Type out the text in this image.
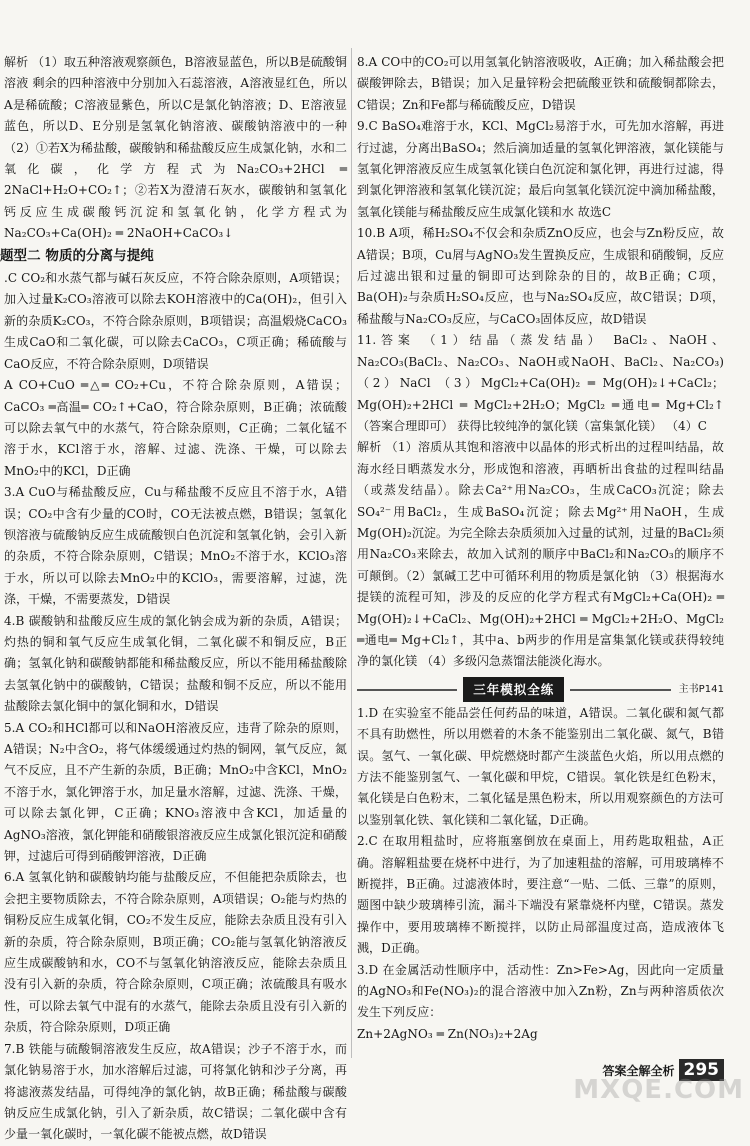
解析 （1）取五种溶液观察颜色，B溶液显蓝色，所以B是硫酸铜溶液 剩余的四种溶液中分别加入石蕊溶液，A溶液显红色，所以A是稀硫酸；C溶液显紫色，所以C是氯化钠溶液；D、E溶液显蓝色，所以D、E分别是氢氧化钠溶液、碳酸钠溶液中的一种 （2）①若X为稀盐酸，碳酸钠和稀盐酸反应生成氯化钠，水和二氧化碳，化学方程式为Na₂CO₃+2HCl ═ 2NaCl+H₂O+CO₂↑；②若X为澄清石灰水，碳酸钠和氢氧化钙反应生成碳酸钙沉淀和氢氧化钠，化学方程式为Na₂CO₃+Ca(OH)₂ ═ 2NaOH+CaCO₃↓

题型二 物质的分离与提纯

.C CO₂和水蒸气都与碱石灰反应，不符合除杂原则，A项错误；加入过量K₂CO₃溶液可以除去KOH溶液中的Ca(OH)₂，但引入新的杂质K₂CO₃，不符合除杂原则，B项错误；高温煅烧CaCO₃生成CaO和二氧化碳，可以除去CaCO₃，C项正确；稀硫酸与CaO反应，不符合除杂原则，D项错误

A CO+CuO ═△═ CO₂+Cu，不符合除杂原则，A错误；CaCO₃ ═高温═ CO₂↑+CaO，符合除杂原则，B正确；浓硫酸可以除去氧气中的水蒸气，符合除杂原则，C正确；二氧化锰不溶于水，KCl溶于水，溶解、过滤、洗涤、干燥，可以除去MnO₂中的KCl，D正确

3.A CuO与稀盐酸反应，Cu与稀盐酸不反应且不溶于水，A错误；CO₂中含有少量的CO时，CO无法被点燃，B错误；氢氧化钡溶液与硫酸钠反应生成硫酸钡白色沉淀和氢氧化钠，会引入新的杂质，不符合除杂原则，C错误；MnO₂不溶于水，KClO₃溶于水，所以可以除去MnO₂中的KClO₃，需要溶解，过滤，洗涤，干燥，不需要蒸发，D错误

4.B 碳酸钠和盐酸反应生成的氯化钠会成为新的杂质，A错误；灼热的铜和氧气反应生成氧化铜，二氧化碳不和铜反应，B正确；氢氧化钠和碳酸钠都能和稀盐酸反应，所以不能用稀盐酸除去氢氧化钠中的碳酸钠，C错误；盐酸和铜不反应，所以不能用盐酸除去氯化铜中的氯化铜和水，D错误

5.A CO₂和HCl都可以和NaOH溶液反应，违背了除杂的原则，A错误；N₂中含O₂，将气体缓缓通过灼热的铜网，氧气反应，氮气不反应，且不产生新的杂质，B正确；MnO₂中含KCl，MnO₂不溶于水，氯化钾溶于水，加足量水溶解，过滤、洗涤、干燥，可以除去氯化钾，C正确；KNO₃溶液中含KCl，加适量的AgNO₃溶液，氯化钾能和硝酸银溶液反应生成氯化银沉淀和硝酸钾，过滤后可得到硝酸钾溶液，D正确

6.A 氢氧化钠和碳酸钠均能与盐酸反应，不但能把杂质除去，也会把主要物质除去，不符合除杂原则，A项错误；O₂能与灼热的铜粉反应生成氧化铜，CO₂不发生反应，能除去杂质且没有引入新的杂质，符合除杂原则，B项正确；CO₂能与氢氧化钠溶液反应生成碳酸钠和水，CO不与氢氧化钠溶液反应，能除去杂质且没有引入新的杂质，符合除杂原则，C项正确；浓硫酸具有吸水性，可以除去氧气中混有的水蒸气，能除去杂质且没有引入新的杂质，符合除杂原则，D项正确

7.B 铁能与硫酸铜溶液发生反应，故A错误；沙子不溶于水，而氯化钠易溶于水，加水溶解后过滤，可将氯化钠和沙子分离，再将滤液蒸发结晶，可得纯净的氯化钠，故B正确；稀盐酸与碳酸钠反应生成氯化钠，引入了新杂质，故C错误；二氧化碳中含有少量一氧化碳时，一氧化碳不能被点燃，故D错误

8.A CO中的CO₂可以用氢氧化钠溶液吸收，A正确；加入稀盐酸会把碳酸钾除去，B错误；加入足量锌粉会把硫酸亚铁和硫酸铜都除去，C错误；Zn和Fe都与稀硫酸反应，D错误

9.C BaSO₄难溶于水，KCl、MgCl₂易溶于水，可先加水溶解，再进行过滤，分离出BaSO₄；然后滴加适量的氢氧化钾溶液，氯化镁能与氢氧化钾溶液反应生成氢氧化镁白色沉淀和氯化钾，再进行过滤，得到氯化钾溶液和氢氧化镁沉淀；最后向氢氧化镁沉淀中滴加稀盐酸，氢氧化镁能与稀盐酸反应生成氯化镁和水 故选C

10.B A项，稀H₂SO₄不仅会和杂质ZnO反应，也会与Zn粉反应，故A错误；B项，Cu屑与AgNO₃发生置换反应，生成银和硝酸铜，反应后过滤出银和过量的铜即可达到除杂的目的，故B正确；C项，Ba(OH)₂与杂质H₂SO₄反应，也与Na₂SO₄反应，故C错误；D项，稀盐酸与Na₂CO₃反应，与CaCO₃固体反应，故D错误

11.答案 （1）结晶（蒸发结晶） BaCl₂、NaOH、Na₂CO₃(BaCl₂、Na₂CO₃、NaOH或NaOH、BaCl₂、Na₂CO₃) （2）NaCl （3）MgCl₂+Ca(OH)₂ ═ Mg(OH)₂↓+CaCl₂；Mg(OH)₂+2HCl ═ MgCl₂+2H₂O；MgCl₂ ═通电═ Mg+Cl₂↑（答案合理即可） 获得比较纯净的氯化镁（富集氯化镁） （4）C

解析 （1）溶质从其饱和溶液中以晶体的形式析出的过程叫结晶，故海水经日晒蒸发水分，形成饱和溶液，再晒析出食盐的过程叫结晶（或蒸发结晶）。除去Ca²⁺用Na₂CO₃，生成CaCO₃沉淀；除去SO₄²⁻用BaCl₂，生成BaSO₄沉淀；除去Mg²⁺用NaOH，生成Mg(OH)₂沉淀。为完全除去杂质须加入过量的试剂，过量的BaCl₂须用Na₂CO₃来除去，故加入试剂的顺序中BaCl₂和Na₂CO₃的顺序不可颠倒。（2）氯碱工艺中可循环利用的物质是氯化钠 （3）根据海水提镁的流程可知，涉及的反应的化学方程式有MgCl₂+Ca(OH)₂ ═ Mg(OH)₂↓+CaCl₂、Mg(OH)₂+2HCl ═ MgCl₂+2H₂O、MgCl₂ ═通电═ Mg+Cl₂↑，其中a、b两步的作用是富集氯化镁或获得较纯净的氯化镁 （4）多级闪急蒸馏法能淡化海水。

三年模拟全练	主书P141

1.D 在实验室不能品尝任何药品的味道，A错误。二氧化碳和氮气都不具有助燃性，所以用燃着的木条不能鉴别出二氧化碳、氮气，B错误。氢气、一氧化碳、甲烷燃烧时都产生淡蓝色火焰，所以用点燃的方法不能鉴别氢气、一氧化碳和甲烷，C错误。氧化铁是红色粉末，氧化镁是白色粉末，二氧化锰是黑色粉末，所以用观察颜色的方法可以鉴别氧化铁、氧化镁和二氧化锰，D正确。

2.C 在取用粗盐时，应将瓶塞倒放在桌面上，用药匙取粗盐，A正确。溶解粗盐要在烧杯中进行，为了加速粗盐的溶解，可用玻璃棒不断搅拌，B正确。过滤液体时，要注意“一贴、二低、三靠”的原则，题图中缺少玻璃棒引流，漏斗下端没有紧靠烧杯内壁，C错误。蒸发操作中，要用玻璃棒不断搅拌，以防止局部温度过高，造成液体飞溅，D正确。

3.D 在金属活动性顺序中，活动性：Zn>Fe>Ag，因此向一定质量的AgNO₃和Fe(NO₃)₂的混合溶液中加入Zn粉，Zn与两种溶质依次发生下列反应：

Zn+2AgNO₃ ═ Zn(NO₃)₂+2Ag

答案全解全析 295
MXQE.COM
